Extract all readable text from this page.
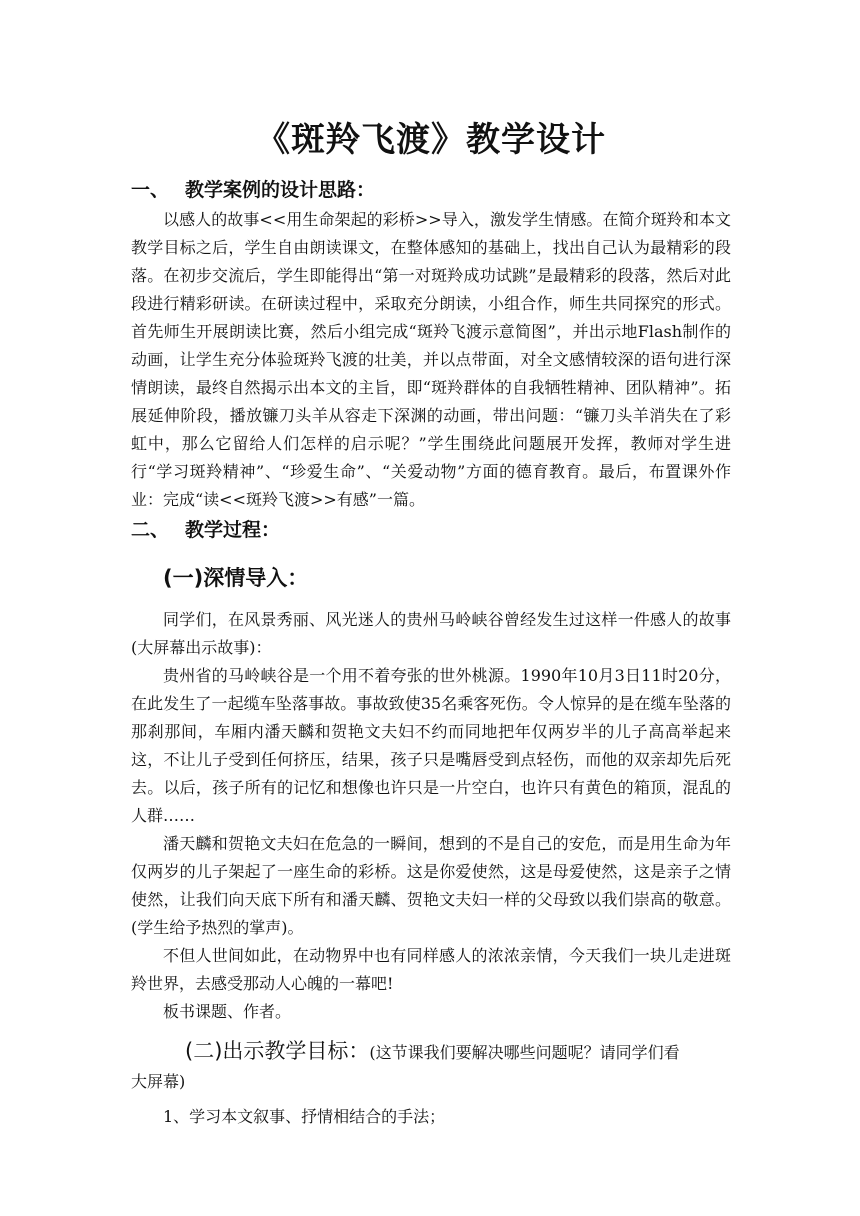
《斑羚飞渡》教学设计
一、 教学案例的设计思路：

以感人的故事<<用生命架起的彩桥>>导入，激发学生情感。在简介斑羚和本文教学目标之后，学生自由朗读课文，在整体感知的基础上，找出自己认为最精彩的段落。在初步交流后，学生即能得出“第一对斑羚成功试跳”是最精彩的段落，然后对此段进行精彩研读。在研读过程中，采取充分朗读，小组合作，师生共同探究的形式。首先师生开展朗读比赛，然后小组完成“斑羚飞渡示意简图”，并出示地Flash制作的动画，让学生充分体验斑羚飞渡的壮美，并以点带面，对全文感情较深的语句进行深情朗读，最终自然揭示出本文的主旨，即“斑羚群体的自我牺牲精神、团队精神”。拓展延伸阶段，播放镰刀头羊从容走下深渊的动画，带出问题：“镰刀头羊消失在了彩虹中，那么它留给人们怎样的启示呢？”学生围绕此问题展开发挥，教师对学生进行“学习斑羚精神”、“珍爱生命”、“关爱动物”方面的德育教育。最后，布置课外作业：完成“读<<斑羚飞渡>>有感”一篇。

二、 教学过程：
(一)深情导入：

同学们，在风景秀丽、风光迷人的贵州马岭峡谷曾经发生过这样一件感人的故事(大屏幕出示故事)：

贵州省的马岭峡谷是一个用不着夸张的世外桃源。1990年10月3日11时20分，在此发生了一起缆车坠落事故。事故致使35名乘客死伤。令人惊异的是在缆车坠落的那刹那间，车厢内潘天麟和贺艳文夫妇不约而同地把年仅两岁半的儿子高高举起来这，不让儿子受到任何挤压，结果，孩子只是嘴唇受到点轻伤，而他的双亲却先后死去。以后，孩子所有的记忆和想像也许只是一片空白，也许只有黄色的箱顶，混乱的人群……

潘天麟和贺艳文夫妇在危急的一瞬间，想到的不是自己的安危，而是用生命为年仅两岁的儿子架起了一座生命的彩桥。这是你爱使然，这是母爱使然，这是亲子之情使然，让我们向天底下所有和潘天麟、贺艳文夫妇一样的父母致以我们崇高的敬意。(学生给予热烈的掌声)。

不但人世间如此，在动物界中也有同样感人的浓浓亲情，今天我们一块儿走进斑羚世界，去感受那动人心魄的一幕吧!

板书课题、作者。

(二)出示教学目标：(这节课我们要解决哪些问题呢？请同学们看
大屏幕)

1、学习本文叙事、抒情相结合的手法；
